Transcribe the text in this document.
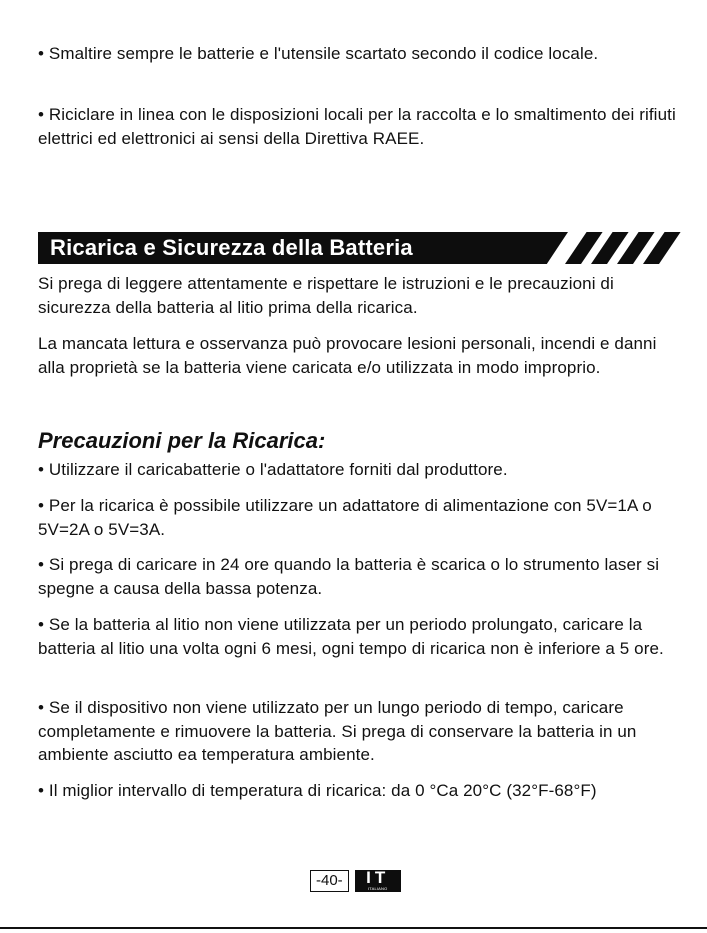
• Smaltire sempre le batterie e l'utensile scartato secondo il codice locale.

• Riciclare in linea con le disposizioni locali per la raccolta e lo smaltimento dei rifiuti elettrici ed elettronici ai sensi della Direttiva RAEE.

Ricarica e Sicurezza della Batteria

Si prega di leggere attentamente e rispettare le istruzioni e le precauzioni di sicurezza della batteria al litio prima della ricarica.

La mancata lettura e osservanza può provocare lesioni personali, incendi e danni alla proprietà se la batteria viene caricata e/o utilizzata in modo improprio.

Precauzioni per la Ricarica:

• Utilizzare il caricabatterie o l'adattatore forniti dal produttore.

• Per la ricarica è possibile utilizzare un adattatore di alimentazione con 5V=1A o 5V=2A o 5V=3A.

• Si prega di caricare in 24 ore quando la batteria è scarica o lo strumento laser si spegne a causa della bassa potenza.

• Se la batteria al litio non viene utilizzata per un periodo prolungato, caricare la batteria al litio una volta ogni 6 mesi, ogni tempo di ricarica non è inferiore a 5 ore.

• Se il dispositivo non viene utilizzato per un lungo periodo di tempo, caricare completamente e rimuovere la batteria. Si prega di conservare la batteria in un ambiente asciutto ea temperatura ambiente.

• Il miglior intervallo di temperatura di ricarica: da 0 °Ca 20°C (32°F-68°F)

-40-	IT
ITALIANO
